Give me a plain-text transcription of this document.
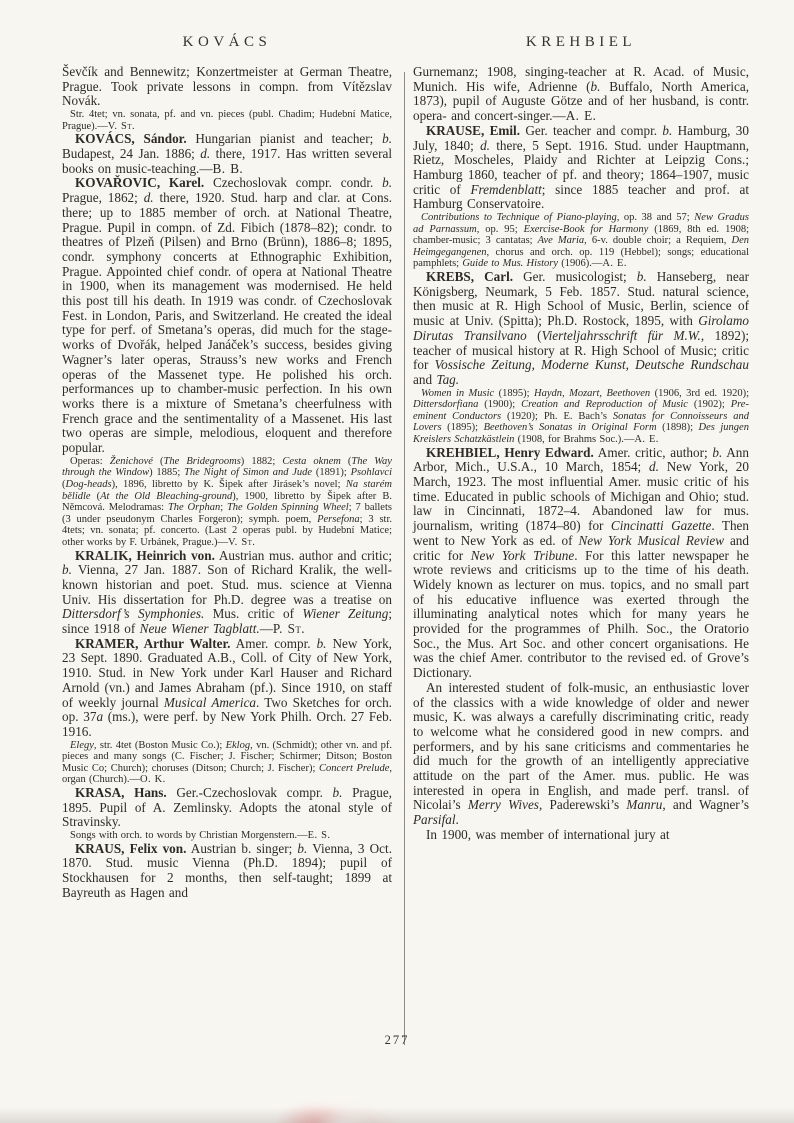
KOVÁCS	KREHBIEL

Ševčík and Bennewitz; Konzertmeister at German Theatre, Prague. Took private lessons in compn. from Vítězslav Novák.

Str. 4tet; vn. sonata, pf. and vn. pieces (publ. Chadim; Hudební Matice, Prague).—V. St.

KOVÁCS, Sándor. Hungarian pianist and teacher; b. Budapest, 24 Jan. 1886; d. there, 1917. Has written several books on music-teaching.—B. B.

KOVAŘOVIC, Karel. Czechoslovak compr. condr. b. Prague, 1862; d. there, 1920. Stud. harp and clar. at Cons. there; up to 1885 member of orch. at National Theatre, Prague. Pupil in compn. of Zd. Fibich (1878–82); condr. to theatres of Plzeň (Pilsen) and Brno (Brünn), 1886–8; 1895, condr. symphony concerts at Ethnographic Exhibition, Prague. Appointed chief condr. of opera at National Theatre in 1900, when its management was modernised. He held this post till his death. In 1919 was condr. of Czechoslovak Fest. in London, Paris, and Switzerland. He created the ideal type for perf. of Smetana’s operas, did much for the stage-works of Dvořák, helped Janáček’s success, besides giving Wagner’s later operas, Strauss’s new works and French operas of the Massenet type. He polished his orch. performances up to chamber-music perfection. In his own works there is a mixture of Smetana’s cheerfulness with French grace and the sentimentality of a Massenet. His last two operas are simple, melodious, eloquent and therefore popular.

Operas: Ženichové (The Bridegrooms) 1882; Cesta oknem (The Way through the Window) 1885; The Night of Simon and Jude (1891); Psohlavci (Dog-heads), 1896, libretto by K. Šipek after Jirásek’s novel; Na starém bělidle (At the Old Bleaching-ground), 1900, libretto by Šipek after B. Němcová. Melodramas: The Orphan; The Golden Spinning Wheel; 7 ballets (3 under pseudonym Charles Forgeron); symph. poem, Persefona; 3 str. 4tets; vn. sonata; pf. concerto. (Last 2 operas publ. by Hudební Matice; other works by F. Urbánek, Prague.)—V. St.

KRALIK, Heinrich von. Austrian mus. author and critic; b. Vienna, 27 Jan. 1887. Son of Richard Kralik, the well-known historian and poet. Stud. mus. science at Vienna Univ. His dissertation for Ph.D. degree was a treatise on Dittersdorf’s Symphonies. Mus. critic of Wiener Zeitung; since 1918 of Neue Wiener Tagblatt.—P. St.

KRAMER, Arthur Walter. Amer. compr. b. New York, 23 Sept. 1890. Graduated A.B., Coll. of City of New York, 1910. Stud. in New York under Karl Hauser and Richard Arnold (vn.) and James Abraham (pf.). Since 1910, on staff of weekly journal Musical America. Two Sketches for orch. op. 37a (ms.), were perf. by New York Philh. Orch. 27 Feb. 1916.

Elegy, str. 4tet (Boston Music Co.); Eklog, vn. (Schmidt); other vn. and pf. pieces and many songs (C. Fischer; J. Fischer; Schirmer; Ditson; Boston Music Co; Church); choruses (Ditson; Church; J. Fischer); Concert Prelude, organ (Church).—O. K.

KRASA, Hans. Ger.-Czechoslovak compr. b. Prague, 1895. Pupil of A. Zemlinsky. Adopts the atonal style of Stravinsky.

Songs with orch. to words by Christian Morgenstern.—E. S.

KRAUS, Felix von. Austrian b. singer; b. Vienna, 3 Oct. 1870. Stud. music Vienna (Ph.D. 1894); pupil of Stockhausen for 2 months, then self-taught; 1899 at Bayreuth as Hagen and

Gurnemanz; 1908, singing-teacher at R. Acad. of Music, Munich. His wife, Adrienne (b. Buffalo, North America, 1873), pupil of Auguste Götze and of her husband, is contr. opera- and concert-singer.—A. E.

KRAUSE, Emil. Ger. teacher and compr. b. Hamburg, 30 July, 1840; d. there, 5 Sept. 1916. Stud. under Hauptmann, Rietz, Moscheles, Plaidy and Richter at Leipzig Cons.; Hamburg 1860, teacher of pf. and theory; 1864–1907, music critic of Fremdenblatt; since 1885 teacher and prof. at Hamburg Conservatoire.

Contributions to Technique of Piano-playing, op. 38 and 57; New Gradus ad Parnassum, op. 95; Exercise-Book for Harmony (1869, 8th ed. 1908; chamber-music; 3 cantatas; Ave Maria, 6-v. double choir; a Requiem, Den Heimgegangenen, chorus and orch. op. 119 (Hebbel); songs; educational pamphlets; Guide to Mus. History (1906).—A. E.

KREBS, Carl. Ger. musicologist; b. Hanseberg, near Königsberg, Neumark, 5 Feb. 1857. Stud. natural science, then music at R. High School of Music, Berlin, science of music at Univ. (Spitta); Ph.D. Rostock, 1895, with Girolamo Dirutas Transilvano (Vierteljahrsschrift für M.W., 1892); teacher of musical history at R. High School of Music; critic for Vossische Zeitung, Moderne Kunst, Deutsche Rundschau and Tag.

Women in Music (1895); Haydn, Mozart, Beethoven (1906, 3rd ed. 1920); Dittersdorfiana (1900); Creation and Reproduction of Music (1902); Pre-eminent Conductors (1920); Ph. E. Bach’s Sonatas for Connoisseurs and Lovers (1895); Beethoven’s Sonatas in Original Form (1898); Des jungen Kreislers Schatzkästlein (1908, for Brahms Soc.).—A. E.

KREHBIEL, Henry Edward. Amer. critic, author; b. Ann Arbor, Mich., U.S.A., 10 March, 1854; d. New York, 20 March, 1923. The most influential Amer. music critic of his time. Educated in public schools of Michigan and Ohio; stud. law in Cincinnati, 1872–4. Abandoned law for mus. journalism, writing (1874–80) for Cincinatti Gazette. Then went to New York as ed. of New York Musical Review and critic for New York Tribune. For this latter newspaper he wrote reviews and criticisms up to the time of his death. Widely known as lecturer on mus. topics, and no small part of his educative influence was exerted through the illuminating analytical notes which for many years he provided for the programmes of Philh. Soc., the Oratorio Soc., the Mus. Art Soc. and other concert organisations. He was the chief Amer. contributor to the revised ed. of Grove’s Dictionary.

An interested student of folk-music, an enthusiastic lover of the classics with a wide knowledge of older and newer music, K. was always a carefully discriminating critic, ready to welcome what he considered good in new comprs. and performers, and by his sane criticisms and commentaries he did much for the growth of an intelligently appreciative attitude on the part of the Amer. mus. public. He was interested in opera in English, and made perf. transl. of Nicolai’s Merry Wives, Paderewski’s Manru, and Wagner’s Parsifal.

In 1900, was member of international jury at

277
